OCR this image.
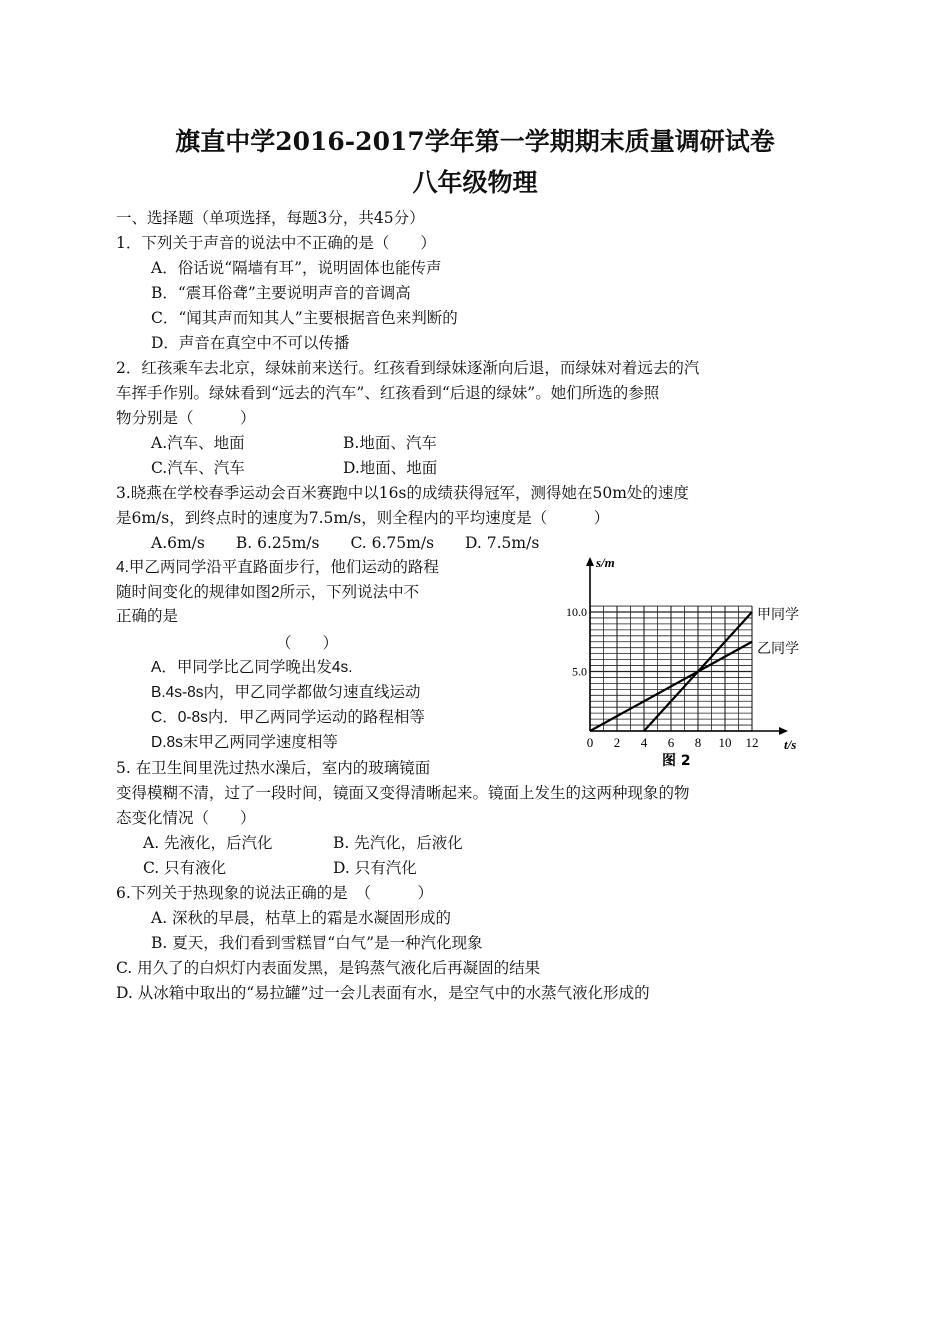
旗直中学2016-2017学年第一学期期末质量调研试卷
八年级物理
一、选择题（单项选择，每题3分，共45分）
1．下列关于声音的说法中不正确的是（　　）
A．俗话说“隔墙有耳”，说明固体也能传声
B．“震耳俗聋”主要说明声音的音调高
C．“闻其声而知其人”主要根据音色来判断的
D．声音在真空中不可以传播
2．红孩乘车去北京，绿妹前来送行。红孩看到绿妹逐渐向后退，而绿妹对着远去的汽
车挥手作别。绿妹看到“远去的汽车”、红孩看到“后退的绿妹”。她们所选的参照
物分别是（　　　）
A.汽车、地面	B.地面、汽车
C.汽车、汽车	D.地面、地面
3.晓燕在学校春季运动会百米赛跑中以16s的成绩获得冠军，测得她在50m处的速度
是6m/s，到终点时的速度为7.5m/s，则全程内的平均速度是（　　　）
A.6m/s　　B. 6.25m/s　　C. 6.75m/s　　D. 7.5m/s
4.甲乙两同学沿平直路面步行，他们运动的路程
随时间变化的规律如图2所示，下列说法中不
正确的是
（　　）
A．甲同学比乙同学晚出发4s.
B.4s-8s内，甲乙同学都做匀速直线运动
C．0-8s内．甲乙两同学运动的路程相等
D.8s末甲乙两同学速度相等	0 2 4 6 8 10 12
10.0
5.0
s/m
t/s
甲同学
乙同学
图 2
5. 在卫生间里洗过热水澡后，室内的玻璃镜面
变得模糊不清，过了一段时间，镜面又变得清晰起来。镜面上发生的这两种现象的物
态变化情况（　　）
A. 先液化，后汽化	B. 先汽化，后液化
C. 只有液化	D. 只有汽化
6.下列关于热现象的说法正确的是　（　　　）
A. 深秋的早晨，枯草上的霜是水凝固形成的
B. 夏天，我们看到雪糕冒“白气”是一种汽化现象
C. 用久了的白炽灯内表面发黑，是钨蒸气液化后再凝固的结果
D. 从冰箱中取出的“易拉罐”过一会儿表面有水，是空气中的水蒸气液化形成的
